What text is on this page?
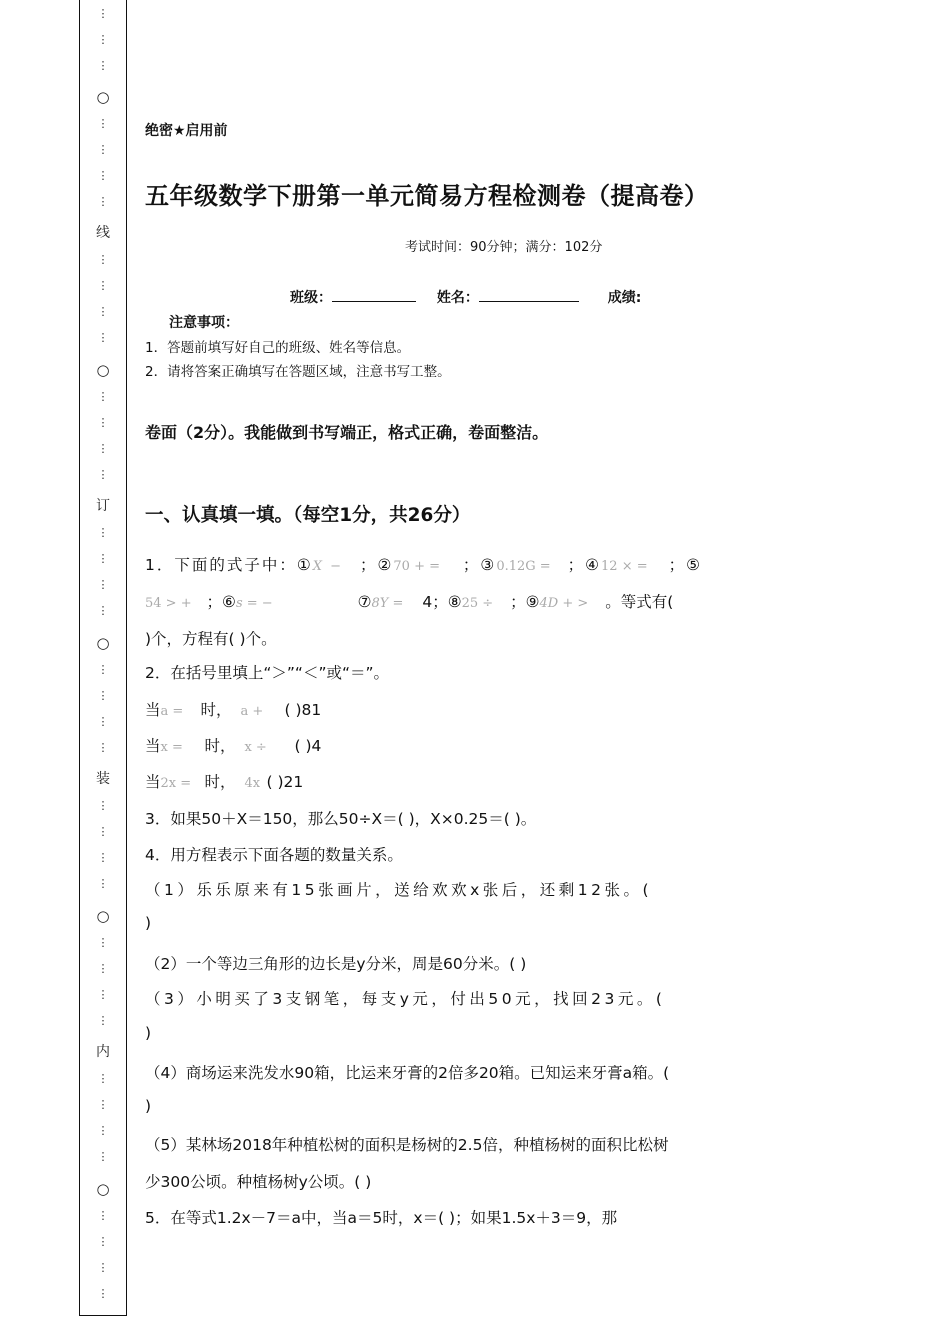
⋮
⋮
⋮
○
⋮
⋮
⋮
⋮
线
⋮
⋮
⋮
⋮
○
⋮
⋮
⋮
⋮
订
⋮
⋮
⋮
⋮
○
⋮
⋮
⋮
⋮
装
⋮
⋮
⋮
⋮
○
⋮
⋮
⋮
⋮
内
⋮
⋮
⋮
⋮
○
⋮
⋮
⋮
⋮
绝密★启用前
五年级数学下册第一单元简易方程检测卷（提高卷）
考试时间：90分钟；满分：102分
班级：	姓名：	成绩:
注意事项：
1．答题前填写好自己的班级、姓名等信息。
2．请将答案正确填写在答题区域，注意书写工整。
卷面（2分）。我能做到书写端正，格式正确，卷面整洁。
一、认真填一填。（每空1分，共26分）
1．下面的式子中：①X − ；②70 + = ；③0.12G = ；④12 × = ；⑤
54 > + ；⑥s = −	⑦8Y = 4；⑧25 ÷ ；⑨4D + > 。等式有(
)个，方程有( )个。
2．在括号里填上“＞”“＜”或“＝”。
当a = 时， a + ( )81
当x = 时， x ÷ ( )4
当2x = 时， 4x ( )21
3．如果50＋X＝150，那么50÷X＝( )，X×0.25＝( )。
4．用方程表示下面各题的数量关系。
（1）乐乐原来有15张画片，送给欢欢x张后，还剩12张。(
)
（2）一个等边三角形的边长是y分米，周是60分米。( )
（3）小明买了3支钢笔，每支y元，付出50元，找回23元。(
)
（4）商场运来洗发水90箱，比运来牙膏的2倍多20箱。已知运来牙膏a箱。(
)
（5）某林场2018年种植松树的面积是杨树的2.5倍，种植杨树的面积比松树
少300公顷。种植杨树y公顷。( )
5．在等式1.2x－7＝a中，当a＝5时，x＝( )；如果1.5x＋3＝9，那
